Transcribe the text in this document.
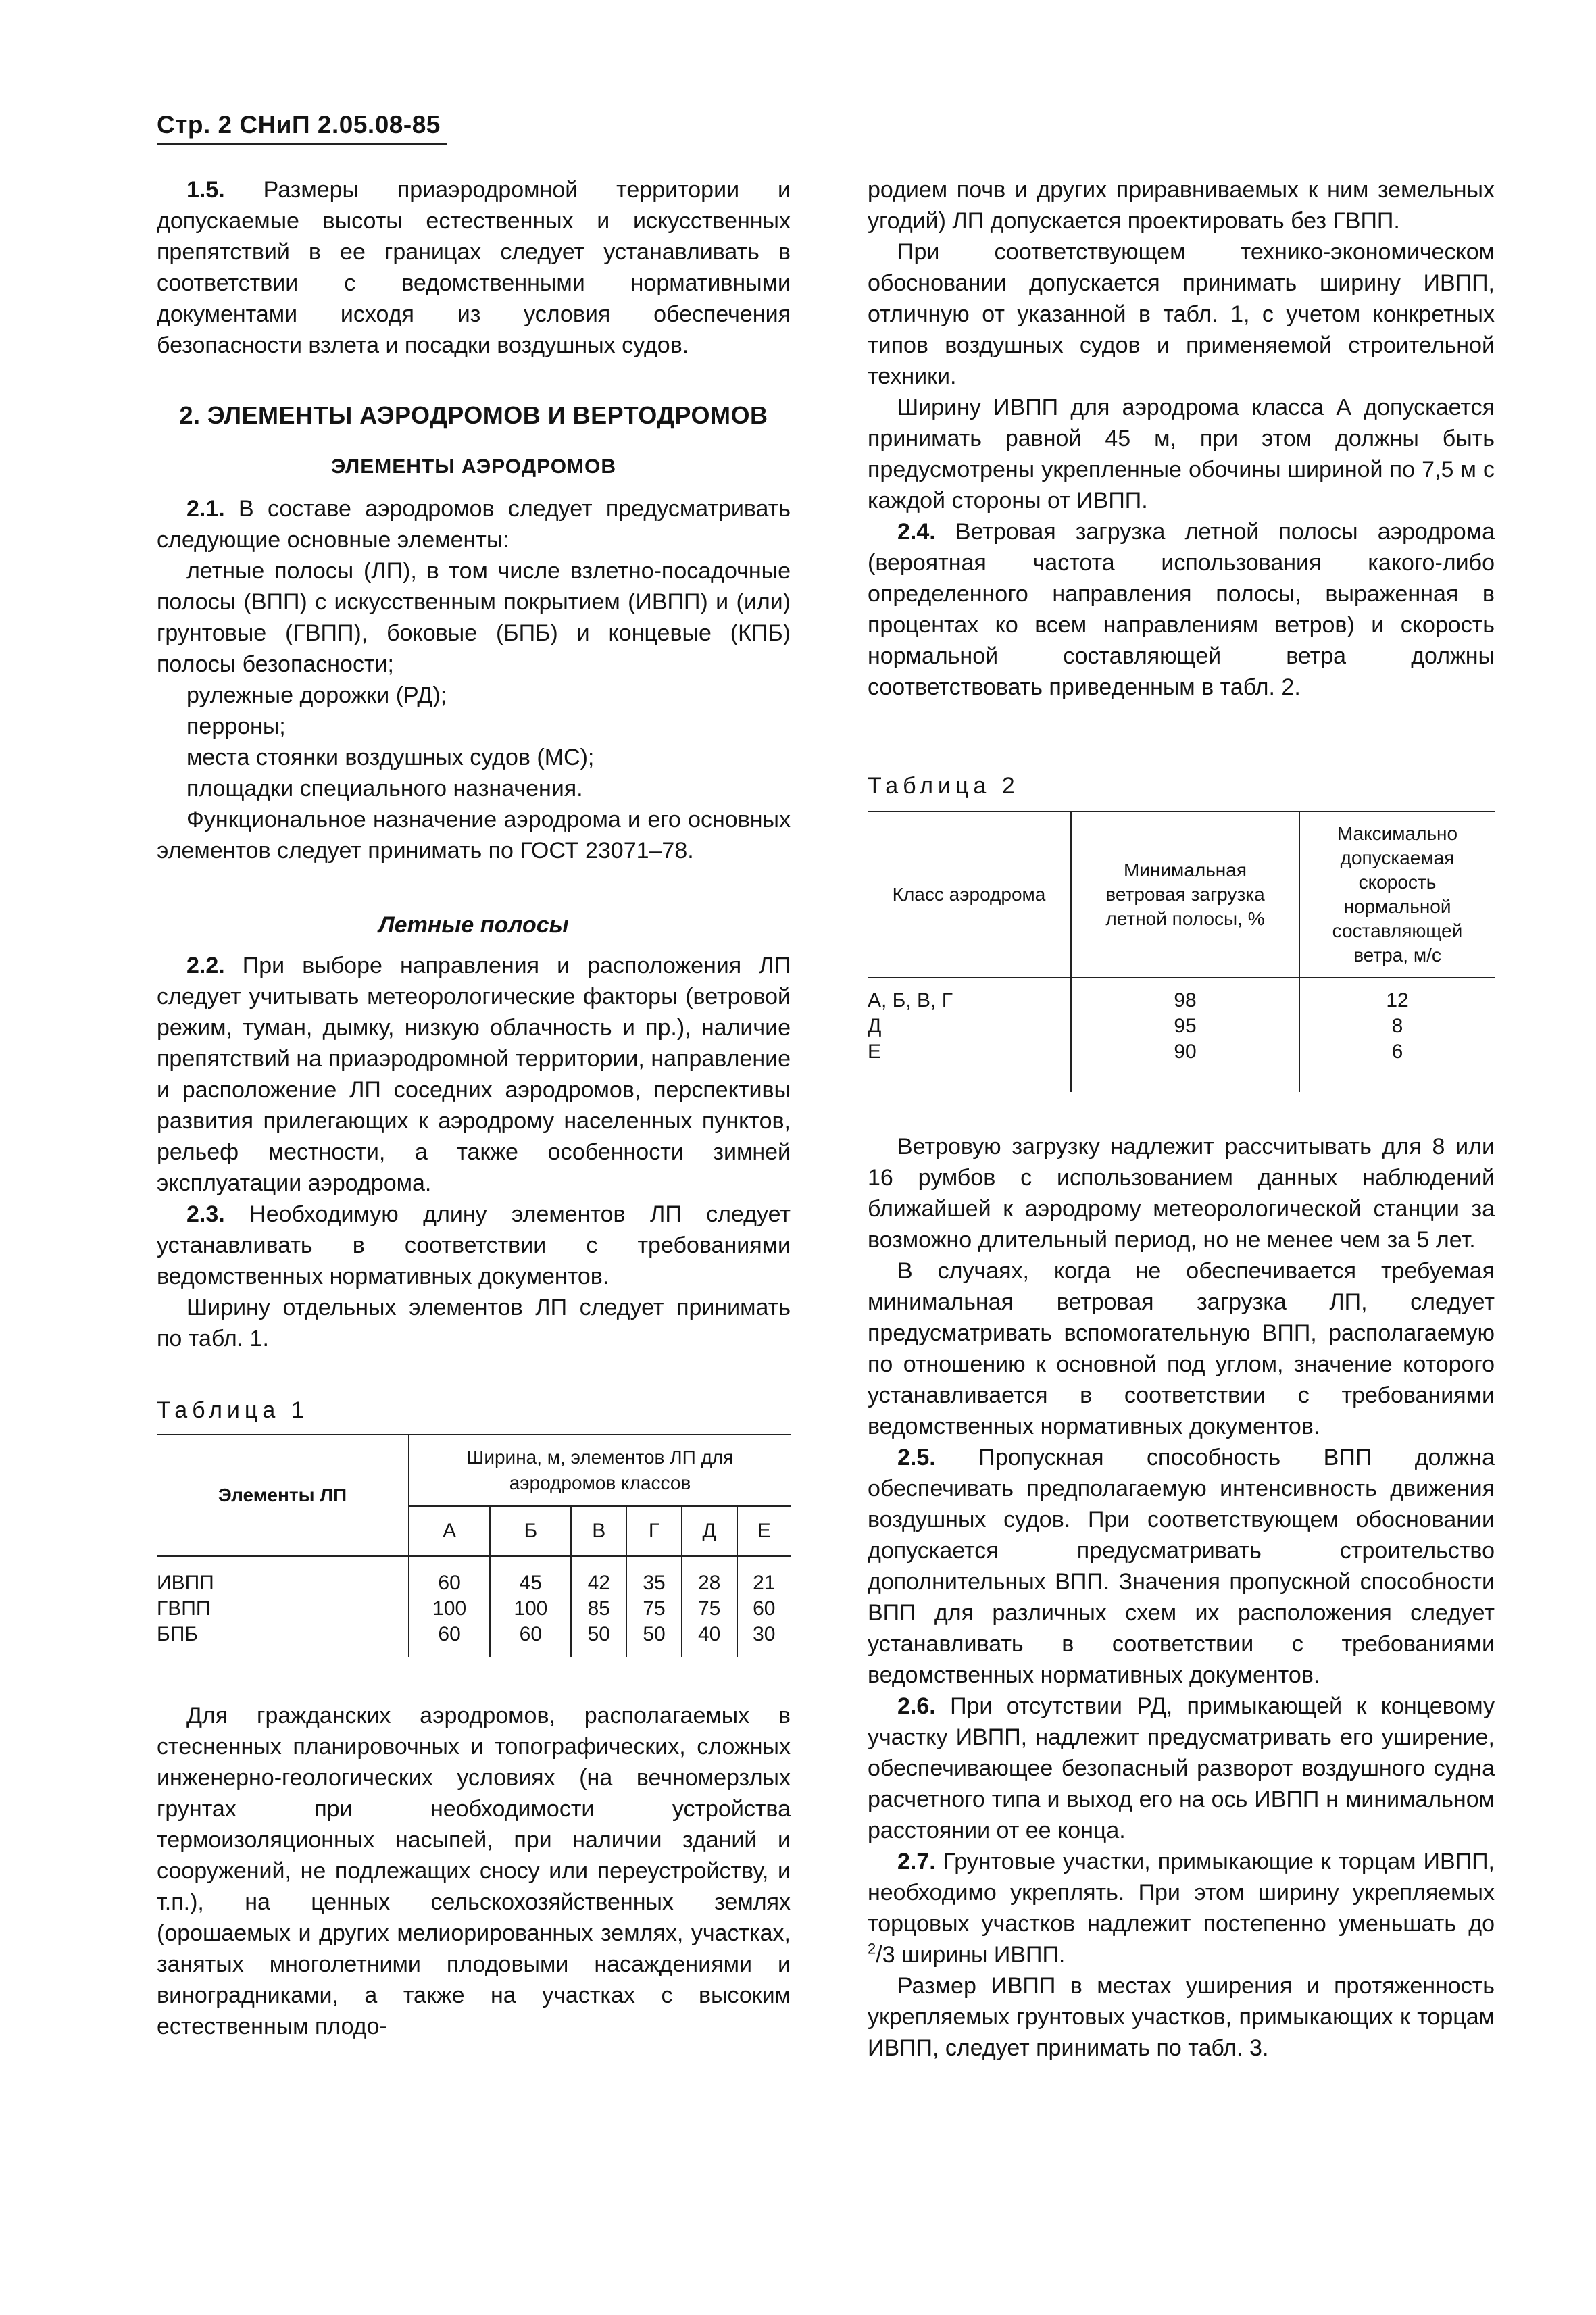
Стр. 2 СНиП 2.05.08-85

1.5. Размеры приаэродромной территории и допускаемые высоты естественных и искусственных препятствий в ее границах следует устанавливать в соответствии с ведомственными нормативными документами исходя из условия обеспечения безопасности взлета и посадки воздушных судов.

2. ЭЛЕМЕНТЫ АЭРОДРОМОВ И ВЕРТОДРОМОВ
ЭЛЕМЕНТЫ АЭРОДРОМОВ

2.1. В составе аэродромов следует предусматривать следующие основные элементы:

летные полосы (ЛП), в том числе взлетно-посадочные полосы (ВПП) с искусственным покрытием (ИВПП) и (или) грунтовые (ГВПП), боковые (БПБ) и концевые (КПБ) полосы безопасности;

рулежные дорожки (РД);

перроны;

места стоянки воздушных судов (МС);

площадки специального назначения.

Функциональное назначение аэродрома и его основных элементов следует принимать по ГОСТ 23071–78.

Летные полосы

2.2. При выборе направления и расположения ЛП следует учитывать метеорологические факторы (ветровой режим, туман, дымку, низкую облачность и пр.), наличие препятствий на приаэродромной территории, направление и расположение ЛП соседних аэродромов, перспективы развития прилегающих к аэродрому населенных пунктов, рельеф местности, а также особенности зимней эксплуатации аэродрома.

2.3. Необходимую длину элементов ЛП следует устанавливать в соответствии с требованиями ведомственных нормативных документов.

Ширину отдельных элементов ЛП следует принимать по табл. 1.

Таблица 1

Элементы ЛП	Ширина, м, элементов ЛП для аэродромов классов					
	А	Б	В	Г	Д	Е
ИВПП	60	45	42	35	28	21
ГВПП	100	100	85	75	75	60
БПБ	60	60	50	50	40	30

Для гражданских аэродромов, располагаемых в стесненных планировочных и топографических, сложных инженерно-геологических условиях (на вечномерзлых грунтах при необходимости устройства термоизоляционных насыпей, при наличии зданий и сооружений, не подлежащих сносу или переустройству, и т.п.), на ценных сельскохозяйственных землях (орошаемых и других мелиорированных землях, участках, занятых многолетними плодовыми насаждениями и виноградниками, а также на участках с высоким естественным плодо-

родием почв и других приравниваемых к ним земельных угодий) ЛП допускается проектировать без ГВПП.

При соответствующем технико-экономическом обосновании допускается принимать ширину ИВПП, отличную от указанной в табл. 1, с учетом конкретных типов воздушных судов и применяемой строительной техники.

Ширину ИВПП для аэродрома класса А допускается принимать равной 45 м, при этом должны быть предусмотрены укрепленные обочины шириной по 7,5 м с каждой стороны от ИВПП.

2.4. Ветровая загрузка летной полосы аэродрома (вероятная частота использования какого-либо определенного направления полосы, выраженная в процентах ко всем направлениям ветров) и скорость нормальной составляющей ветра должны соответствовать приведенным в табл. 2.

Таблица 2

Класс аэродрома	Минимальная ветровая загрузка летной полосы, %	Максимально допускаемая скорость нормальной составляющей ветра, м/с
А, Б, В, Г	98	12
Д	95	8
Е	90	6

Ветровую загрузку надлежит рассчитывать для 8 или 16 румбов с использованием данных наблюдений ближайшей к аэродрому метеорологической станции за возможно длительный период, но не менее чем за 5 лет.

В случаях, когда не обеспечивается требуемая минимальная ветровая загрузка ЛП, следует предусматривать вспомогательную ВПП, располагаемую по отношению к основной под углом, значение которого устанавливается в соответствии с требованиями ведомственных нормативных документов.

2.5. Пропускная способность ВПП должна обеспечивать предполагаемую интенсивность движения воздушных судов. При соответствующем обосновании допускается предусматривать строительство дополнительных ВПП. Значения пропускной способности ВПП для различных схем их расположения следует устанавливать в соответствии с требованиями ведомственных нормативных документов.

2.6. При отсутствии РД, примыкающей к концевому участку ИВПП, надлежит предусматривать его уширение, обеспечивающее безопасный разворот воздушного судна расчетного типа и выход его на ось ИВПП н минимальном расстоянии от ее конца.

2.7. Грунтовые участки, примыкающие к торцам ИВПП, необходимо укреплять. При этом ширину укрепляемых торцовых участков надлежит постепенно уменьшать до $^2$/3 ширины ИВПП.

Размер ИВПП в местах уширения и протяженность укрепляемых грунтовых участков, примыкающих к торцам ИВПП, следует принимать по табл. 3.
